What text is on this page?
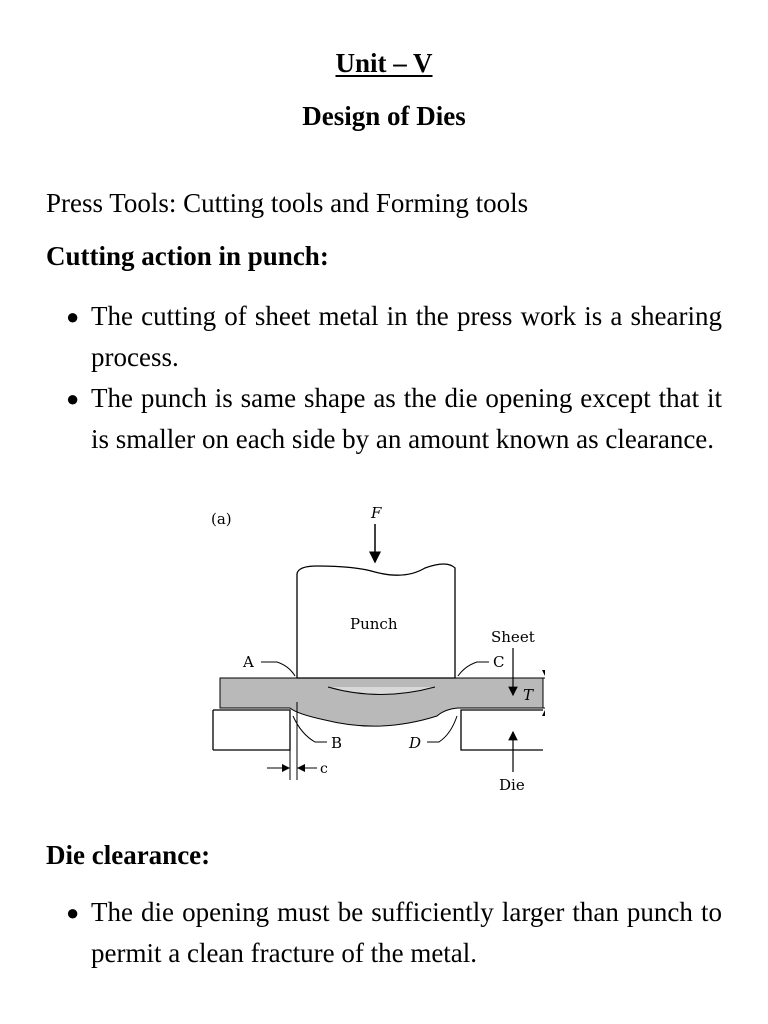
Unit – V
Design of Dies

Press Tools: Cutting tools and Forming tools

Cutting action in punch:

● The cutting of sheet metal in the press work is a shearing process.
● The punch is same shape as the die opening except that it is smaller on each side by an amount known as clearance.
(a)	F
Punch
A	C
B	D
Sheet
T
Die
c

Die clearance:

● The die opening must be sufficiently larger than punch to permit a clean fracture of the metal.
